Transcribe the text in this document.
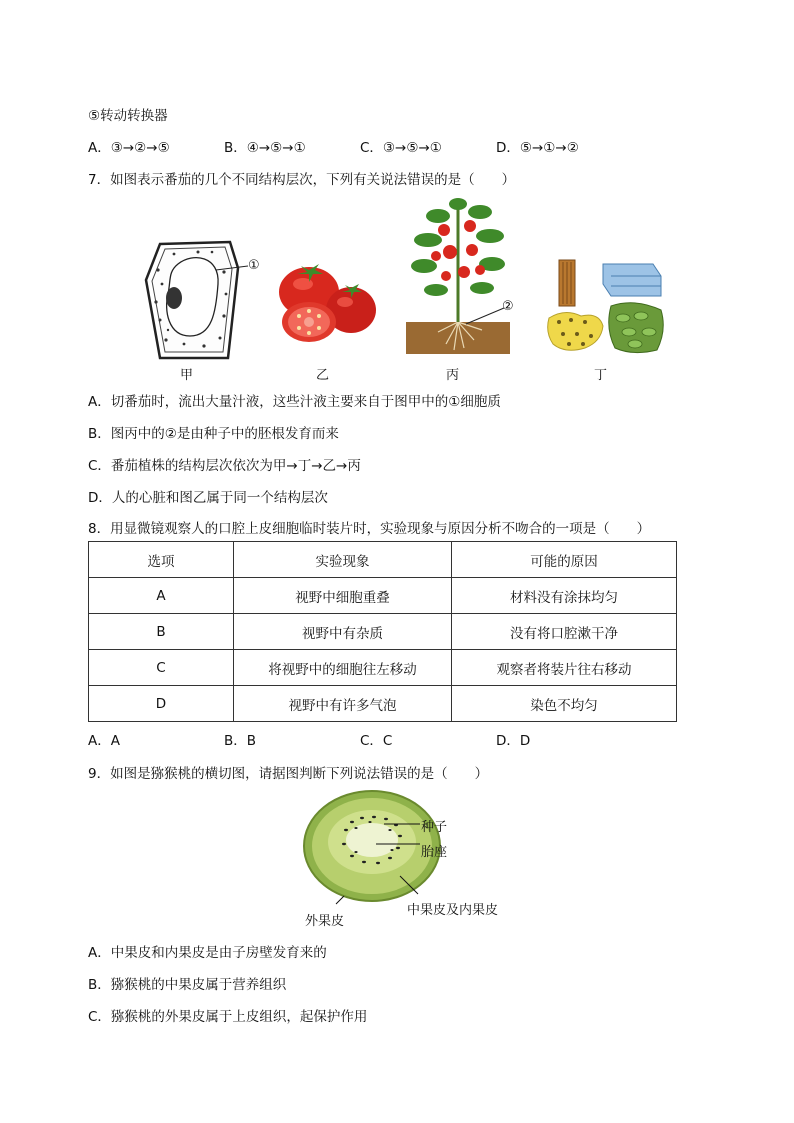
⑤转动转换器
A．③→②→⑤	B．④→⑤→①	C．③→⑤→①	D．⑤→①→②
7．如图表示番茄的几个不同结构层次，下列有关说法错误的是（　　）
①
②
甲	乙	丙	丁
A．切番茄时，流出大量汁液，这些汁液主要来自于图甲中的①细胞质
B．图丙中的②是由种子中的胚根发育而来
C．番茄植株的结构层次依次为甲→丁→乙→丙
D．人的心脏和图乙属于同一个结构层次
8．用显微镜观察人的口腔上皮细胞临时装片时，实验现象与原因分析不吻合的一项是（　　）
选项	实验现象	可能的原因
A	视野中细胞重叠	材料没有涂抹均匀
B	视野中有杂质	没有将口腔漱干净
C	将视野中的细胞往左移动	观察者将装片往右移动
D	视野中有许多气泡	染色不均匀
A．A	B．B	C．C	D．D
9．如图是猕猴桃的横切图，请据图判断下列说法错误的是（　　）
种子
胎座
中果皮及内果皮
外果皮
A．中果皮和内果皮是由子房壁发育来的
B．猕猴桃的中果皮属于营养组织
C．猕猴桃的外果皮属于上皮组织，起保护作用
